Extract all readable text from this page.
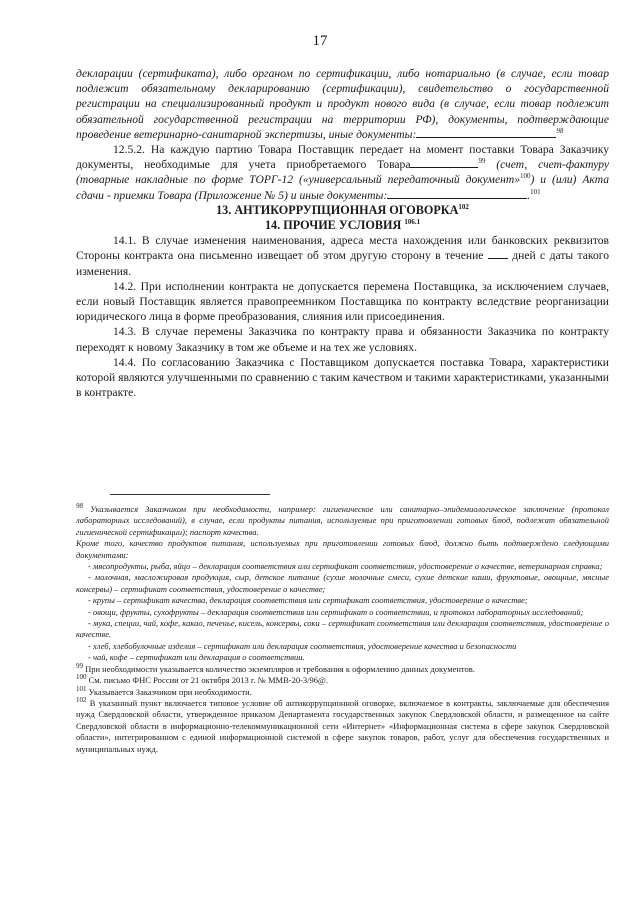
17

декларации (сертификата), либо органом по сертификации, либо нотариально (в случае, если товар подлежит обязательному декларированию (сертификации), свидетельство о государственной регистрации на специализированный продукт и продукт нового вида (в случае, если товар подлежит обязательной государственной регистрации на территории РФ), документы, подтверждающие проведение ветеринарно-санитарной экспертизы, иные документы:	$^{98}$

12.5.2. На каждую партию Товара Поставщик передает на момент поставки Товара Заказчику документы, необходимые для учета приобретаемого Товара	$^{99}$ (счет, счет-фактуру (товарные накладные по форме ТОРГ-12 («универсальный передаточный документ»$^{100}$) и (или) Акта сдачи - приемки Товара (Приложение № 5) и иные документы:	.$^{101}$

13. АНТИКОРРУПЦИОННАЯ ОГОВОРКА$^{102}$

14. ПРОЧИЕ УСЛОВИЯ $^{106.1}$

14.1. В случае изменения наименования, адреса места нахождения или банковских реквизитов Стороны контракта она письменно извещает об этом другую сторону в течение дней с даты такого изменения.

14.2. При исполнении контракта не допускается перемена Поставщика, за исключением случаев, если новый Поставщик является правопреемником Поставщика по контракту вследствие реорганизации юридического лица в форме преобразования, слияния или присоединения.

14.3. В случае перемены Заказчика по контракту права и обязанности Заказчика по контракту переходят к новому Заказчику в том же объеме и на тех же условиях.

14.4. По согласованию Заказчика с Поставщиком допускается поставка Товара, характеристики которой являются улучшенными по сравнению с таким качеством и такими характеристиками, указанными в контракте.

$^{98}$ Указывается Заказчиком при необходимости, например: гигиеническое или санитарно–эпидемиологическое заключение (протокол лабораторных исследований), в случае, если продукты питания, используемые при приготовлении готовых блюд, подлежат обязательной гигиенической сертификации); паспорт качества.

Кроме того, качество продуктов питания, используемых при приготовлении готовых блюд, должно быть подтверждено следующими документами:

- мясопродукты, рыба, яйцо – декларация соответствия или сертификат соответствия, удостоверение о качестве, ветеринарная справка;

- молочная, масложировая продукция, сыр, детское питание (сухие молочные смеси, сухие детские каши, фруктовые, овощные, мясные консервы) – сертификат соответствия, удостоверение о качестве;

- крупы – сертификат качества, декларация соответствия или сертификат соответствия, удостоверение о качестве;

- овощи, фрукты, сухофрукты – декларация соответствия или сертификат о соответствии, и протокол лабораторных исследований;

- мука, специи, чай, кофе, какао, печенье, кисель, консервы, соки – сертификат соответствия или декларация соответствия, удостоверение о качестве.

- хлеб, хлебобулочные изделия – сертификат или декларация соответствия, удостоверение качества и безопасности

- чай, кофе – сертификат или декларация о соответствии.

$^{99}$ При необходимости указывается количество экземпляров и требования к оформлению данных документов.

$^{100}$ См. письмо ФНС России от 21 октября 2013 г. № ММВ-20-3/96@.

$^{101}$ Указывается Заказчиком при необходимости.

$^{102}$ В указанный пункт включается типовое условие об антикоррупционной оговорке, включаемое в контракты, заключаемые для обеспечения нужд Свердловской области, утвержденное приказом Департамента государственных закупок Свердловской области, и размещенное на сайте Свердловской области в информационно-телекоммуникационной сети «Интернет» «Информационная система в сфере закупок Свердловской области», интегрированном с единой информационной системой в сфере закупок товаров, работ, услуг для обеспечения государственных и муниципальных нужд.
